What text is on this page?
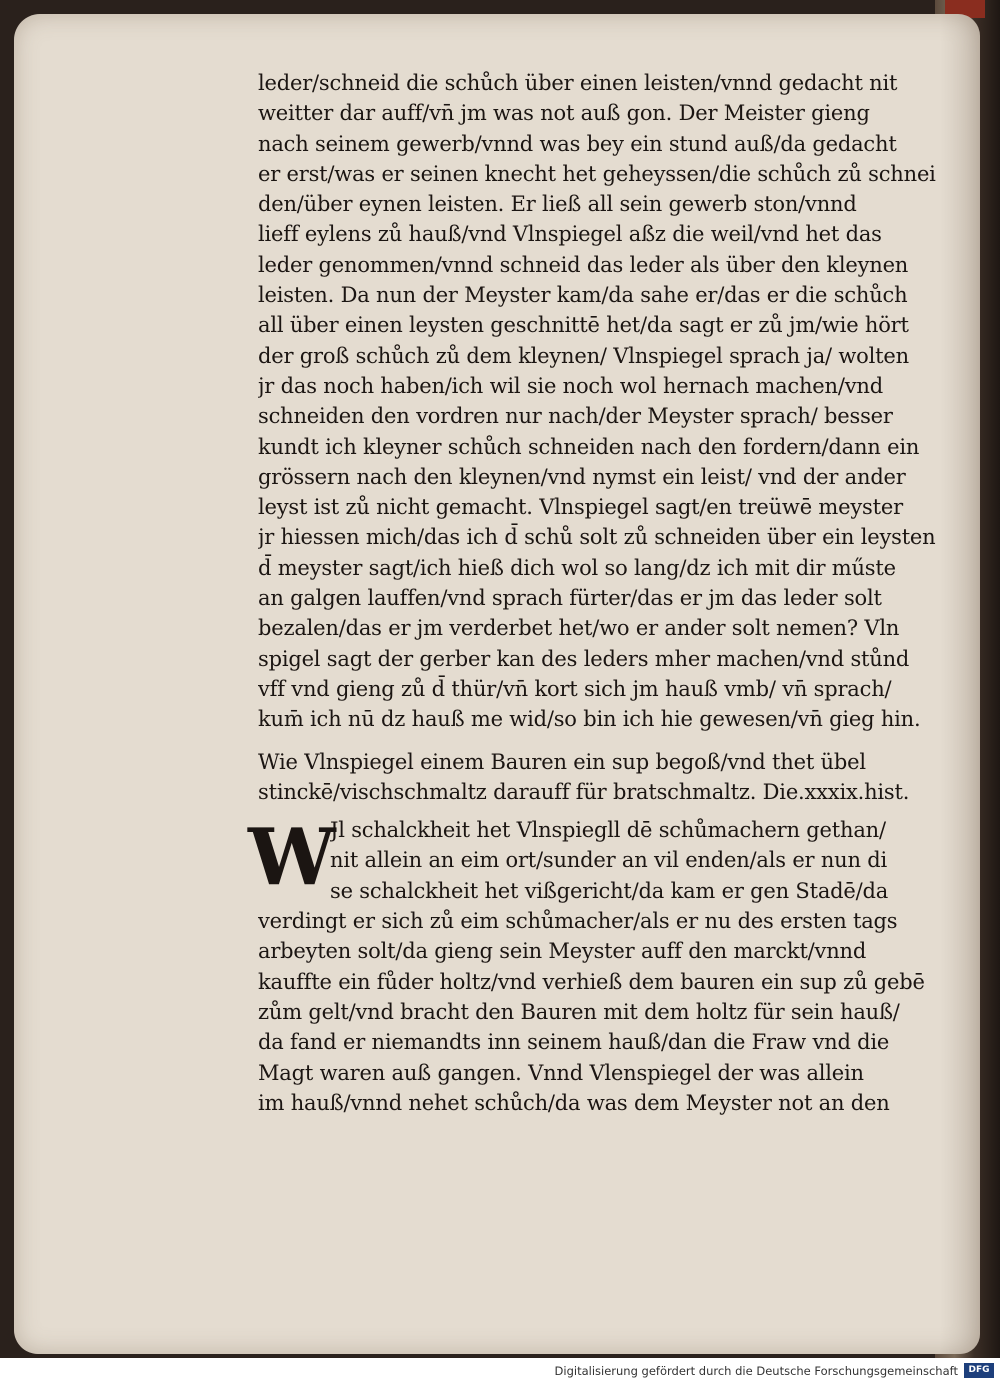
leder/schneid die schůch über einen leisten/vnnd gedacht nit
weitter dar auff/vn̄ jm was not auß gon. Der Meister gieng
nach seinem gewerb/vnnd was bey ein stund auß/da gedacht
er erst/was er seinen knecht het geheyssen/die schůch zů schnei
den/über eynen leisten. Er ließ all sein gewerb ston/vnnd
lieff eylens zů hauß/vnd Vlnspiegel aßz die weil/vnd het das
leder genommen/vnnd schneid das leder als über den kleynen
leisten. Da nun der Meyster kam/da sahe er/das er die schůch
all über einen leysten geschnittē het/da sagt er zů jm/wie hört
der groß schůch zů dem kleynen/ Vlnspiegel sprach ja/ wolten
jr das noch haben/ich wil sie noch wol hernach machen/vnd
schneiden den vordren nur nach/der Meyster sprach/ besser
kundt ich kleyner schůch schneiden nach den fordern/dann ein
grössern nach den kleynen/vnd nymst ein leist/ vnd der ander
leyst ist zů nicht gemacht. Vlnspiegel sagt/en treüwē meyster
jr hiessen mich/das ich d̄ schů solt zů schneiden über ein leysten
d̄ meyster sagt/ich hieß dich wol so lang/dz ich mit dir műste
an galgen lauffen/vnd sprach fürter/das er jm das leder solt
bezalen/das er jm verderbet het/wo er ander solt nemen? Vln
spigel sagt der gerber kan des leders mher machen/vnd stůnd
vff vnd gieng zů d̄ thür/vn̄ kort sich jm hauß vmb/ vn̄ sprach/
kum̄ ich nū dz hauß me wid/so bin ich hie gewesen/vn̄ gieg hin.
Wie Vlnspiegel einem Bauren ein sup begoß/vnd thet übel
stinckē/vischschmaltz darauff für bratschmaltz. Die.xxxix.hist.
W
Jl schalckheit het Vlnspiegll dē schůmachern gethan/
nit allein an eim ort/sunder an vil enden/als er nun di
se schalckheit het vißgericht/da kam er gen Stadē/da
verdingt er sich zů eim schůmacher/als er nu des ersten tags
arbeyten solt/da gieng sein Meyster auff den marckt/vnnd
kauffte ein fůder holtz/vnd verhieß dem bauren ein sup zů gebē
zům gelt/vnd bracht den Bauren mit dem holtz für sein hauß/
da fand er niemandts inn seinem hauß/dan die Fraw vnd die
Magt waren auß gangen. Vnnd Vlenspiegel der was allein
im hauß/vnnd nehet schůch/da was dem Meyster not an den
Digitalisierung gefördert durch die Deutsche Forschungsgemeinschaft	DFG
